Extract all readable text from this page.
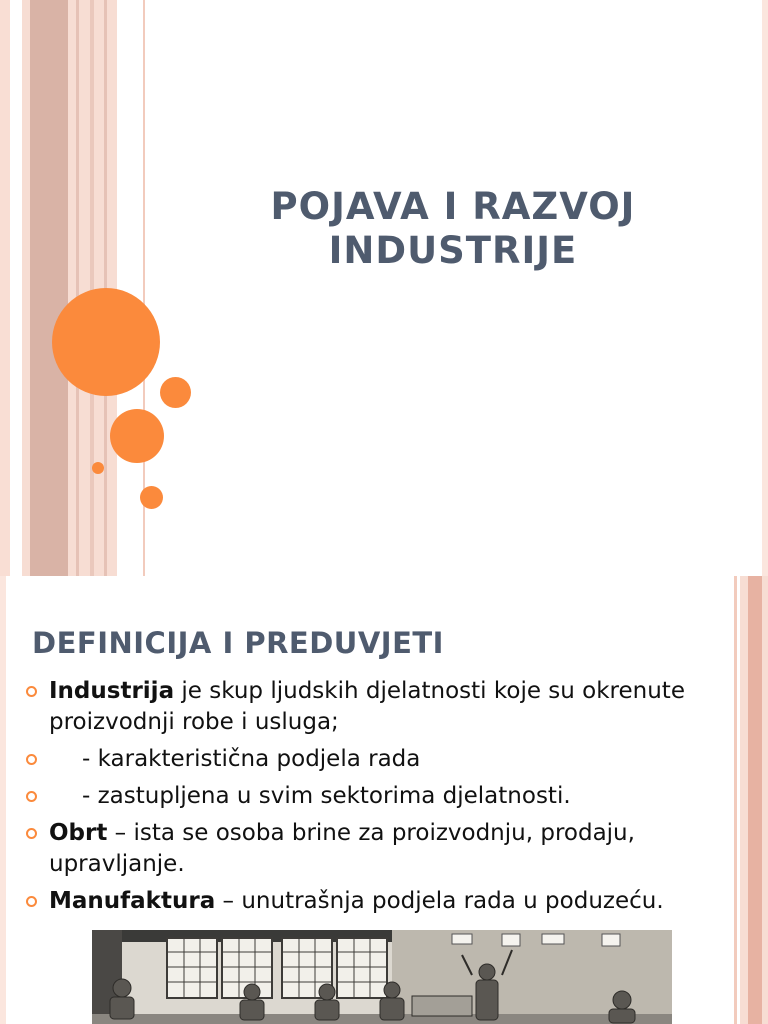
POJAVA I RAZVOJ
INDUSTRIJE
DEFINICIJA I PREDUVJETI
Industrija je skup ljudskih djelatnosti koje su okrenute proizvodnji robe i usluga;
- karakteristična podjela rada
- zastupljena u svim sektorima djelatnosti.
Obrt – ista se osoba brine za proizvodnju, prodaju, upravljanje.
Manufaktura – unutrašnja podjela rada u poduzeću.
